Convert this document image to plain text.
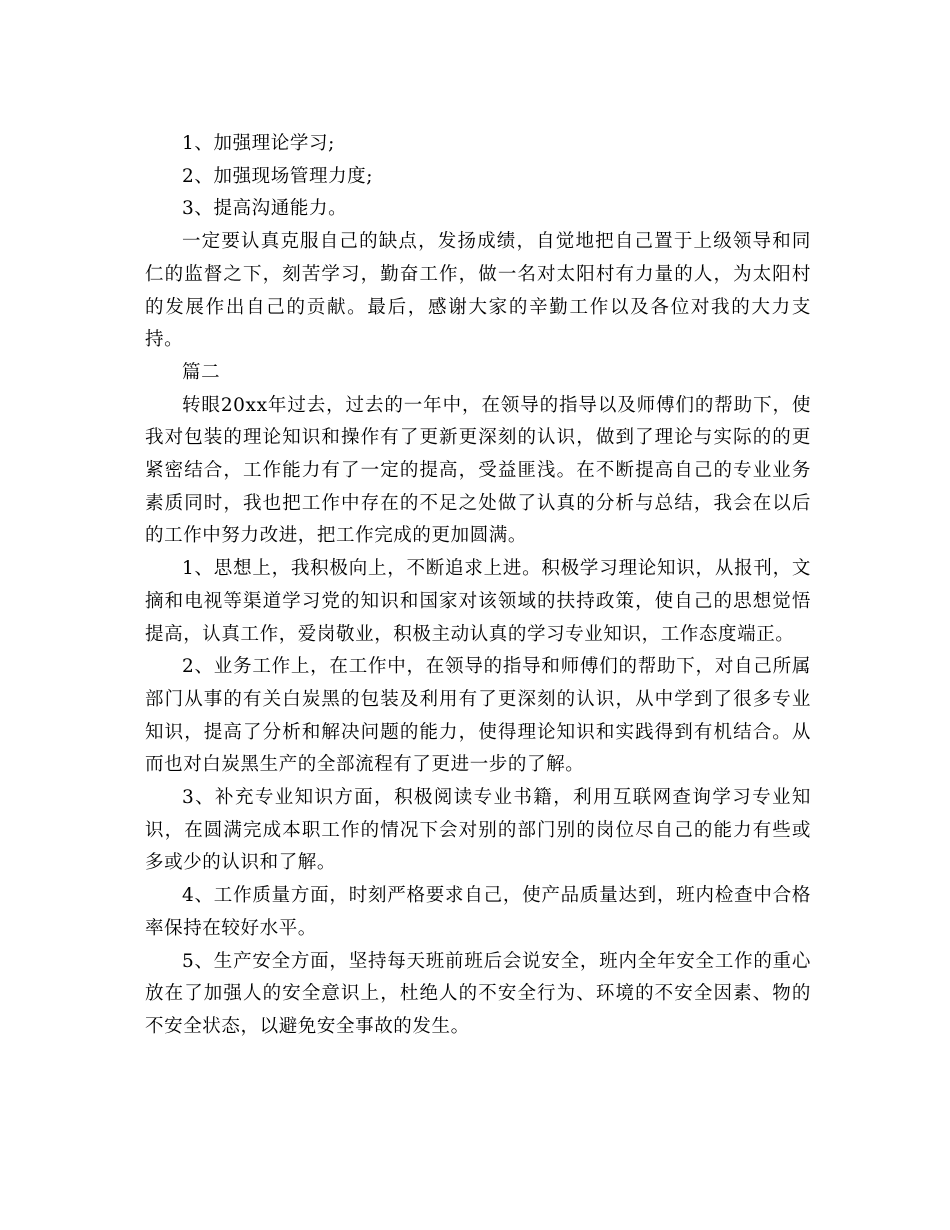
1、加强理论学习;

2、加强现场管理力度;

3、提高沟通能力。

一定要认真克服自己的缺点，发扬成绩，自觉地把自己置于上级领导和同仁的监督之下，刻苦学习，勤奋工作，做一名对太阳村有力量的人，为太阳村的发展作出自己的贡献。最后，感谢大家的辛勤工作以及各位对我的大力支持。

篇二

转眼20xx年过去，过去的一年中，在领导的指导以及师傅们的帮助下，使我对包装的理论知识和操作有了更新更深刻的认识，做到了理论与实际的的更紧密结合，工作能力有了一定的提高，受益匪浅。在不断提高自己的专业业务素质同时，我也把工作中存在的不足之处做了认真的分析与总结，我会在以后的工作中努力改进，把工作完成的更加圆满。

1、思想上，我积极向上，不断追求上进。积极学习理论知识，从报刊，文摘和电视等渠道学习党的知识和国家对该领域的扶持政策，使自己的思想觉悟提高，认真工作，爱岗敬业，积极主动认真的学习专业知识，工作态度端正。

2、业务工作上，在工作中，在领导的指导和师傅们的帮助下，对自己所属部门从事的有关白炭黑的包装及利用有了更深刻的认识，从中学到了很多专业知识，提高了分析和解决问题的能力，使得理论知识和实践得到有机结合。从而也对白炭黑生产的全部流程有了更进一步的了解。

3、补充专业知识方面，积极阅读专业书籍，利用互联网查询学习专业知识，在圆满完成本职工作的情况下会对别的部门别的岗位尽自己的能力有些或多或少的认识和了解。

4、工作质量方面，时刻严格要求自己，使产品质量达到，班内检查中合格率保持在较好水平。

5、生产安全方面，坚持每天班前班后会说安全，班内全年安全工作的重心放在了加强人的安全意识上，杜绝人的不安全行为、环境的不安全因素、物的不安全状态，以避免安全事故的发生。
